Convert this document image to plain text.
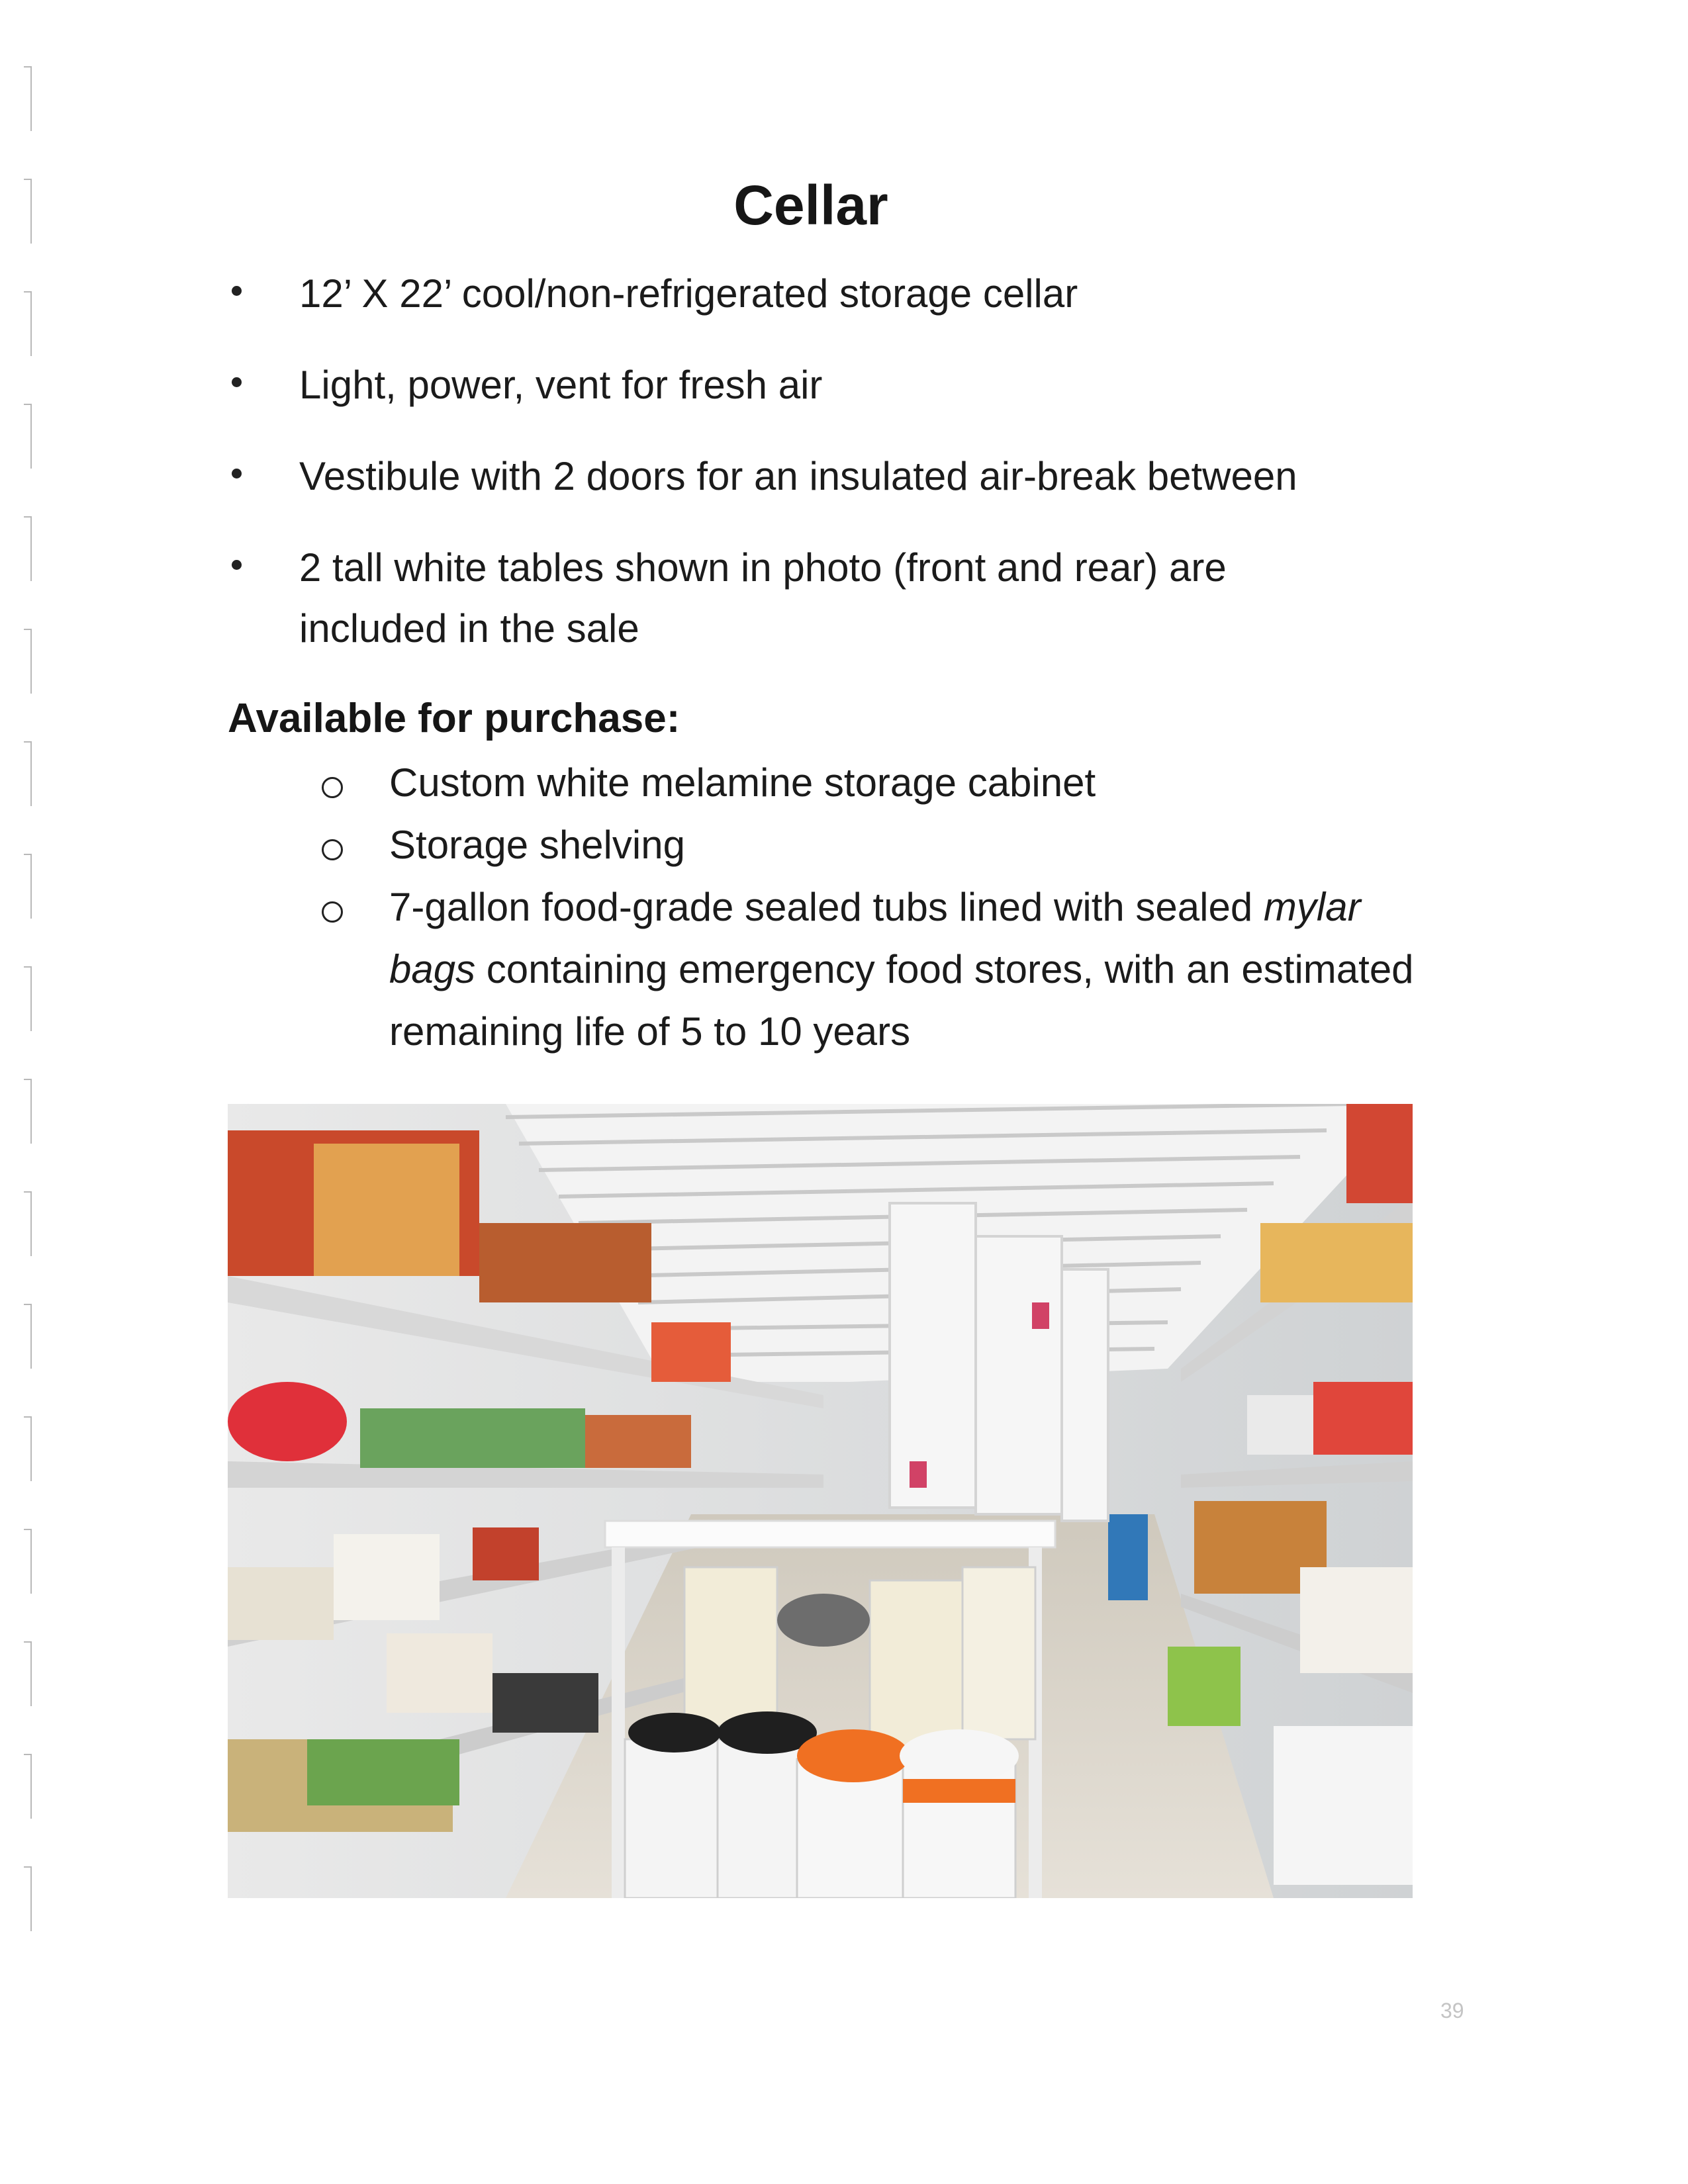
Cellar
12’ X 22’ cool/non-refrigerated storage cellar
Light, power, vent for fresh air
Vestibule with 2 doors for an insulated air-break between
2 tall white tables shown in photo (front and rear) are included in the sale
Available for purchase:
Custom white melamine storage cabinet
Storage shelving
7-gallon food-grade sealed tubs lined with sealed mylar bags containing emergency food stores, with an estimated remaining life of 5 to 10 years
39
